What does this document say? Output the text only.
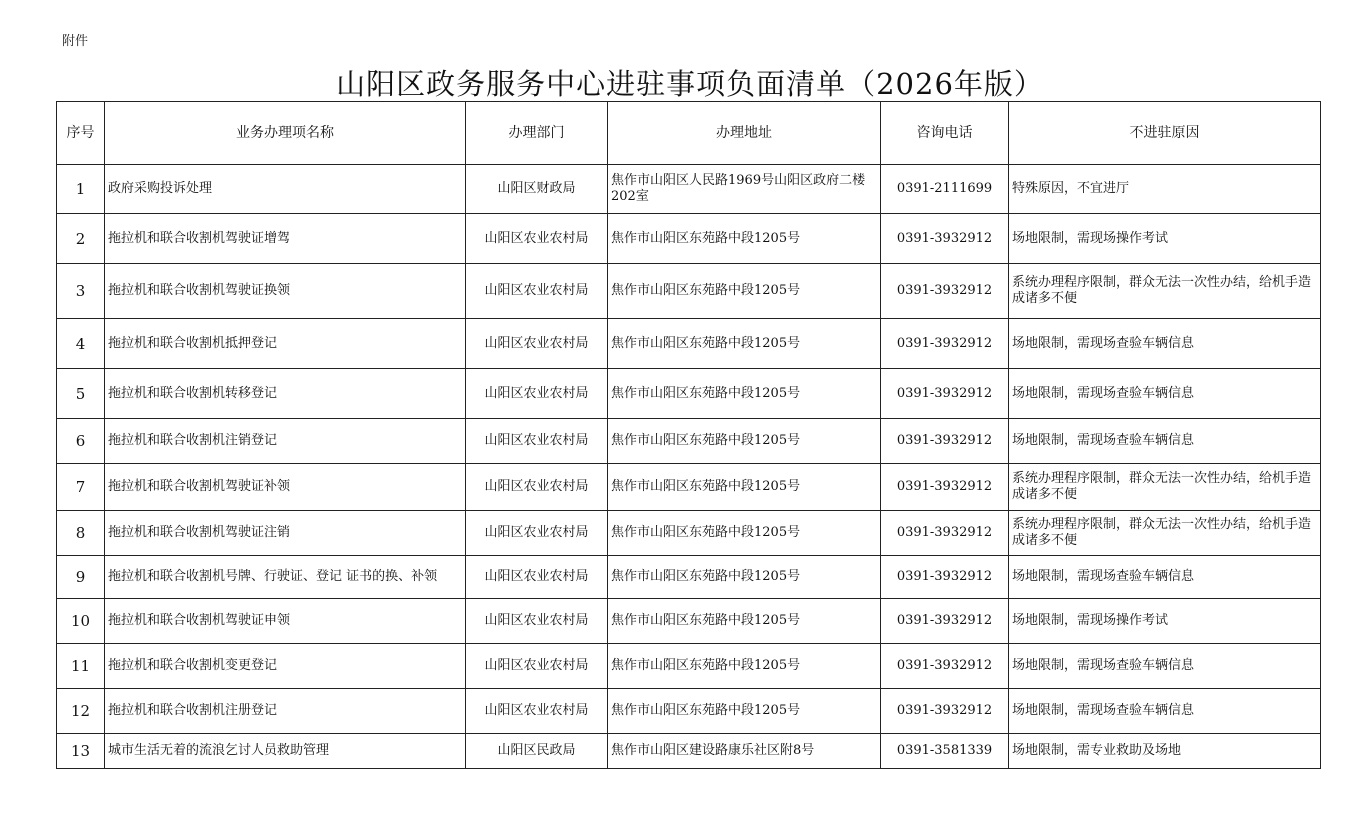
附件
山阳区政务服务中心进驻事项负面清单（2026年版）
序号	业务办理项名称	办理部门	办理地址	咨询电话	不进驻原因
1	政府采购投诉处理	山阳区财政局	焦作市山阳区人民路1969号山阳区政府二楼202室	0391-2111699	特殊原因，不宜进厅
2	拖拉机和联合收割机驾驶证增驾	山阳区农业农村局	焦作市山阳区东苑路中段1205号	0391-3932912	场地限制，需现场操作考试
3	拖拉机和联合收割机驾驶证换领	山阳区农业农村局	焦作市山阳区东苑路中段1205号	0391-3932912	系统办理程序限制，群众无法一次性办结，给机手造成诸多不便
4	拖拉机和联合收割机抵押登记	山阳区农业农村局	焦作市山阳区东苑路中段1205号	0391-3932912	场地限制，需现场查验车辆信息
5	拖拉机和联合收割机转移登记	山阳区农业农村局	焦作市山阳区东苑路中段1205号	0391-3932912	场地限制，需现场查验车辆信息
6	拖拉机和联合收割机注销登记	山阳区农业农村局	焦作市山阳区东苑路中段1205号	0391-3932912	场地限制，需现场查验车辆信息
7	拖拉机和联合收割机驾驶证补领	山阳区农业农村局	焦作市山阳区东苑路中段1205号	0391-3932912	系统办理程序限制，群众无法一次性办结，给机手造成诸多不便
8	拖拉机和联合收割机驾驶证注销	山阳区农业农村局	焦作市山阳区东苑路中段1205号	0391-3932912	系统办理程序限制，群众无法一次性办结，给机手造成诸多不便
9	拖拉机和联合收割机号牌、行驶证、登记 证书的换、补领	山阳区农业农村局	焦作市山阳区东苑路中段1205号	0391-3932912	场地限制，需现场查验车辆信息
10	拖拉机和联合收割机驾驶证申领	山阳区农业农村局	焦作市山阳区东苑路中段1205号	0391-3932912	场地限制，需现场操作考试
11	拖拉机和联合收割机变更登记	山阳区农业农村局	焦作市山阳区东苑路中段1205号	0391-3932912	场地限制，需现场查验车辆信息
12	拖拉机和联合收割机注册登记	山阳区农业农村局	焦作市山阳区东苑路中段1205号	0391-3932912	场地限制，需现场查验车辆信息
13	城市生活无着的流浪乞讨人员救助管理	山阳区民政局	焦作市山阳区建设路康乐社区附8号	0391-3581339	场地限制，需专业救助及场地
